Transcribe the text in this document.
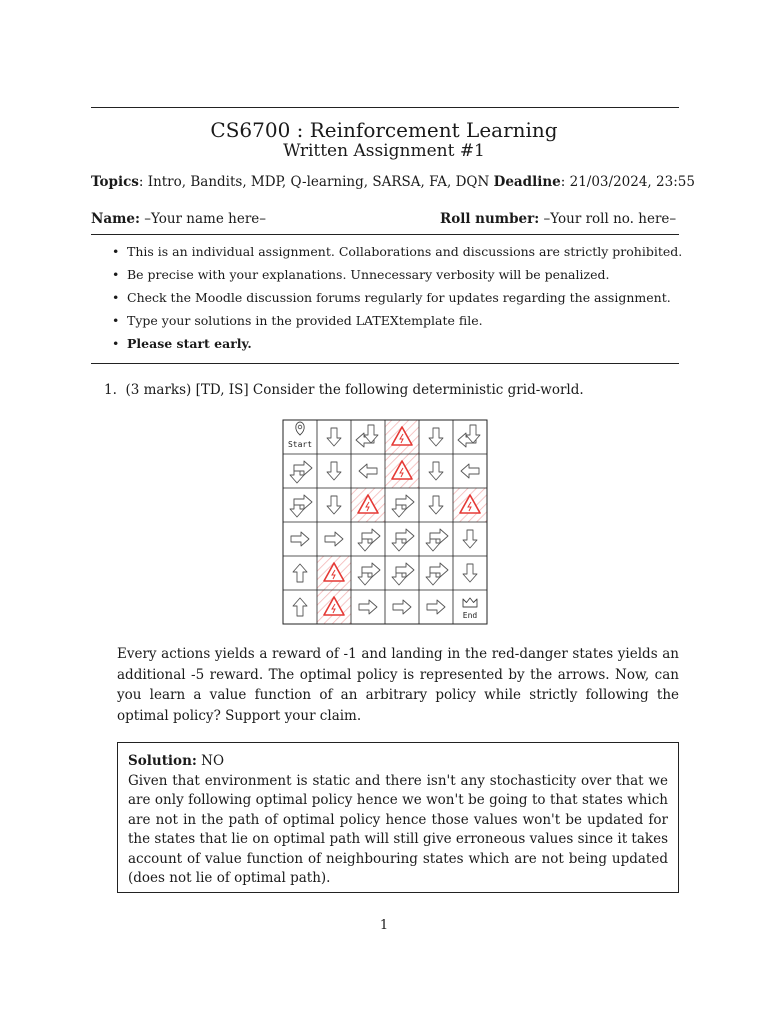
CS6700 : Reinforcement Learning
Written Assignment #1
Topics: Intro, Bandits, MDP, Q-learning, SARSA, FA, DQN Deadline: 21/03/2024, 23:55
Name: –Your name here–	Roll number: –Your roll no. here–
• This is an individual assignment. Collaborations and discussions are strictly prohibited.
• Be precise with your explanations. Unnecessary verbosity will be penalized.
• Check the Moodle discussion forums regularly for updates regarding the assignment.
• Type your solutions in the provided LATEXtemplate file.
• Please start early.
1. (3 marks) [TD, IS] Consider the following deterministic grid-world.
Start
End
Every actions yields a reward of -1 and landing in the red-danger states yields an additional -5 reward. The optimal policy is represented by the arrows. Now, can you learn a value function of an arbitrary policy while strictly following the optimal policy? Support your claim.
Solution: NO
Given that environment is static and there isn't any stochasticity over that we are only following optimal policy hence we won't be going to that states which are not in the path of optimal policy hence those values won't be updated for the states that lie on optimal path will still give erroneous values since it takes account of value function of neighbouring states which are not being updated (does not lie of optimal path).
1
